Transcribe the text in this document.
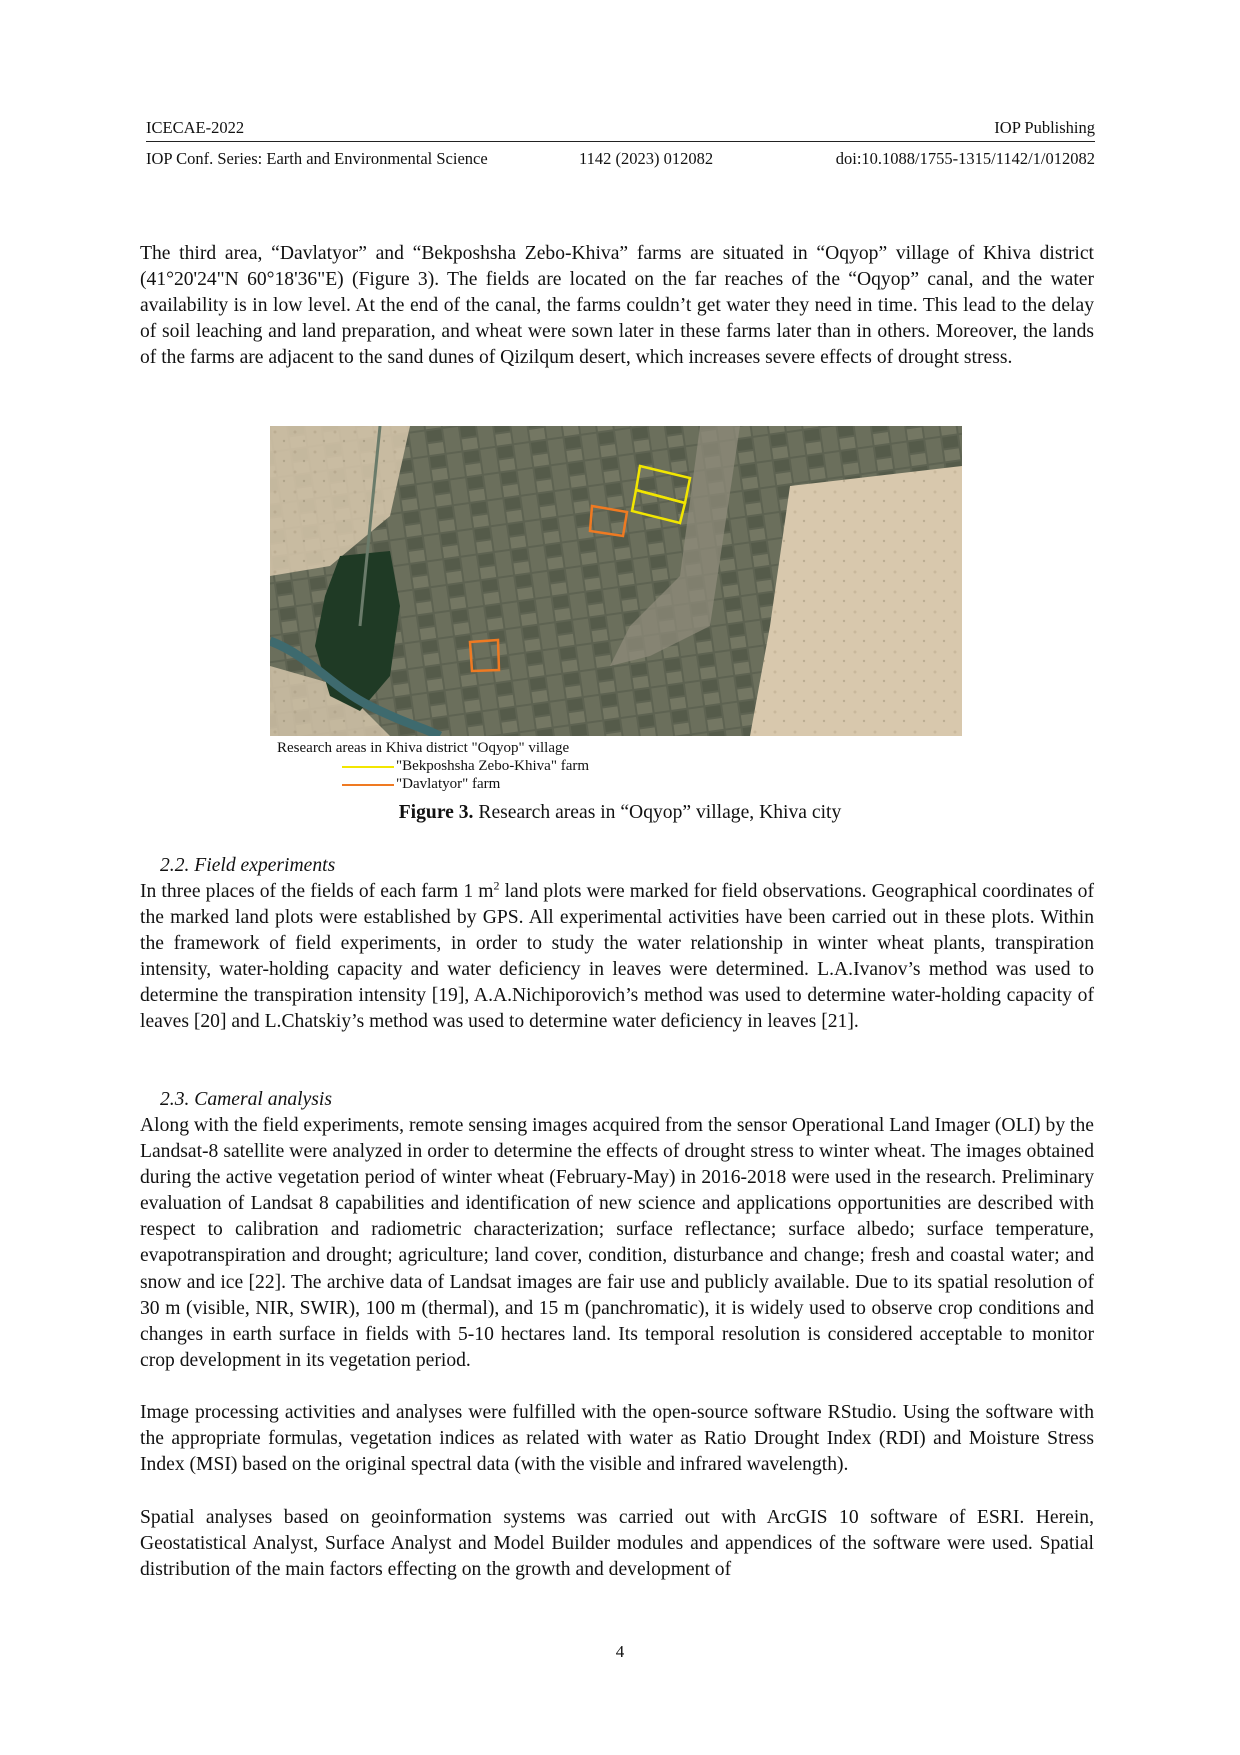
ICECAE-2022	IOP Publishing
IOP Conf. Series: Earth and Environmental Science	1142 (2023) 012082	doi:10.1088/1755-1315/1142/1/012082

The third area, “Davlatyor” and “Bekposhsha Zebo-Khiva” farms are situated in “Oqyop” village of Khiva district (41°20'24"N 60°18'36"E) (Figure 3). The fields are located on the far reaches of the “Oqyop” canal, and the water availability is in low level. At the end of the canal, the farms couldn’t get water they need in time. This lead to the delay of soil leaching and land preparation, and wheat were sown later in these farms later than in others. Moreover, the lands of the farms are adjacent to the sand dunes of Qizilqum desert, which increases severe effects of drought stress.

Research areas in Khiva district "Oqyop" village
"Bekposhsha Zebo-Khiva" farm
"Davlatyor" farm
Figure 3. Research areas in “Oqyop” village, Khiva city

2.2. Field experiments

In three places of the fields of each farm 1 $m^2$ land plots were marked for field observations. Geographical coordinates of the marked land plots were established by GPS. All experimental activities have been carried out in these plots. Within the framework of field experiments, in order to study the water relationship in winter wheat plants, transpiration intensity, water-holding capacity and water deficiency in leaves were determined. L.A.Ivanov’s method was used to determine the transpiration intensity [19], A.A.Nichiporovich’s method was used to determine water-holding capacity of leaves [20] and L.Chatskiy’s method was used to determine water deficiency in leaves [21].

2.3. Cameral analysis

Along with the field experiments, remote sensing images acquired from the sensor Operational Land Imager (OLI) by the Landsat-8 satellite were analyzed in order to determine the effects of drought stress to winter wheat. The images obtained during the active vegetation period of winter wheat (February-May) in 2016-2018 were used in the research. Preliminary evaluation of Landsat 8 capabilities and identification of new science and applications opportunities are described with respect to calibration and radiometric characterization; surface reflectance; surface albedo; surface temperature, evapotranspiration and drought; agriculture; land cover, condition, disturbance and change; fresh and coastal water; and snow and ice [22]. The archive data of Landsat images are fair use and publicly available. Due to its spatial resolution of 30 m (visible, NIR, SWIR), 100 m (thermal), and 15 m (panchromatic), it is widely used to observe crop conditions and changes in earth surface in fields with 5-10 hectares land. Its temporal resolution is considered acceptable to monitor crop development in its vegetation period.

Image processing activities and analyses were fulfilled with the open-source software RStudio. Using the software with the appropriate formulas, vegetation indices as related with water as Ratio Drought Index (RDI) and Moisture Stress Index (MSI) based on the original spectral data (with the visible and infrared wavelength).

Spatial analyses based on geoinformation systems was carried out with ArcGIS 10 software of ESRI. Herein, Geostatistical Analyst, Surface Analyst and Model Builder modules and appendices of the software were used. Spatial distribution of the main factors effecting on the growth and development of

4
